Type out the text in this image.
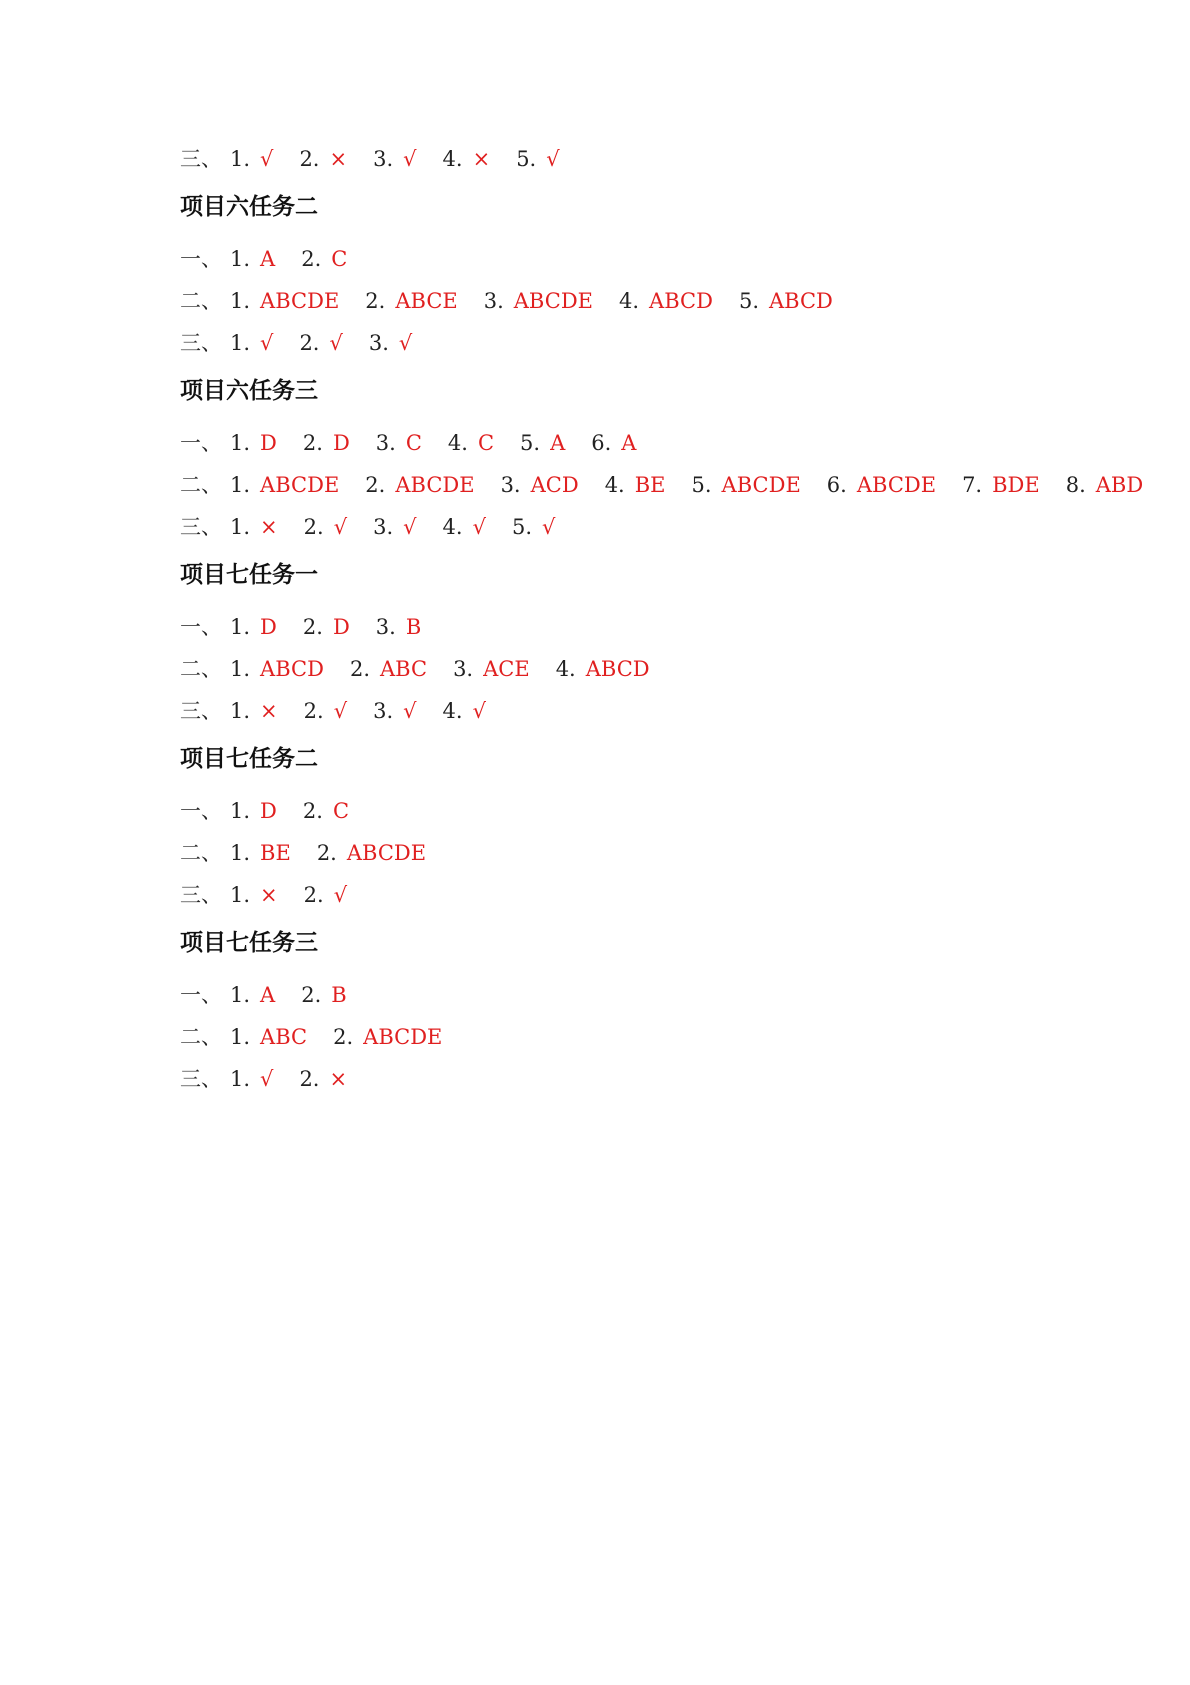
三、 1. √ 2. × 3. √ 4. × 5. √
项目六任务二
一、 1. A 2. C
二、 1. ABCDE 2. ABCE 3. ABCDE 4. ABCD 5. ABCD
三、 1. √ 2. √ 3. √
项目六任务三
一、 1. D 2. D 3. C 4. C 5. A 6. A
二、 1. ABCDE 2. ABCDE 3. ACD 4. BE 5. ABCDE 6. ABCDE 7. BDE 8. ABD
三、 1. × 2. √ 3. √ 4. √ 5. √
项目七任务一
一、 1. D 2. D 3. B
二、 1. ABCD 2. ABC 3. ACE 4. ABCD
三、 1. × 2. √ 3. √ 4. √
项目七任务二
一、 1. D 2. C
二、 1. BE 2. ABCDE
三、 1. × 2. √
项目七任务三
一、 1. A 2. B
二、 1. ABC 2. ABCDE
三、 1. √ 2. ×
